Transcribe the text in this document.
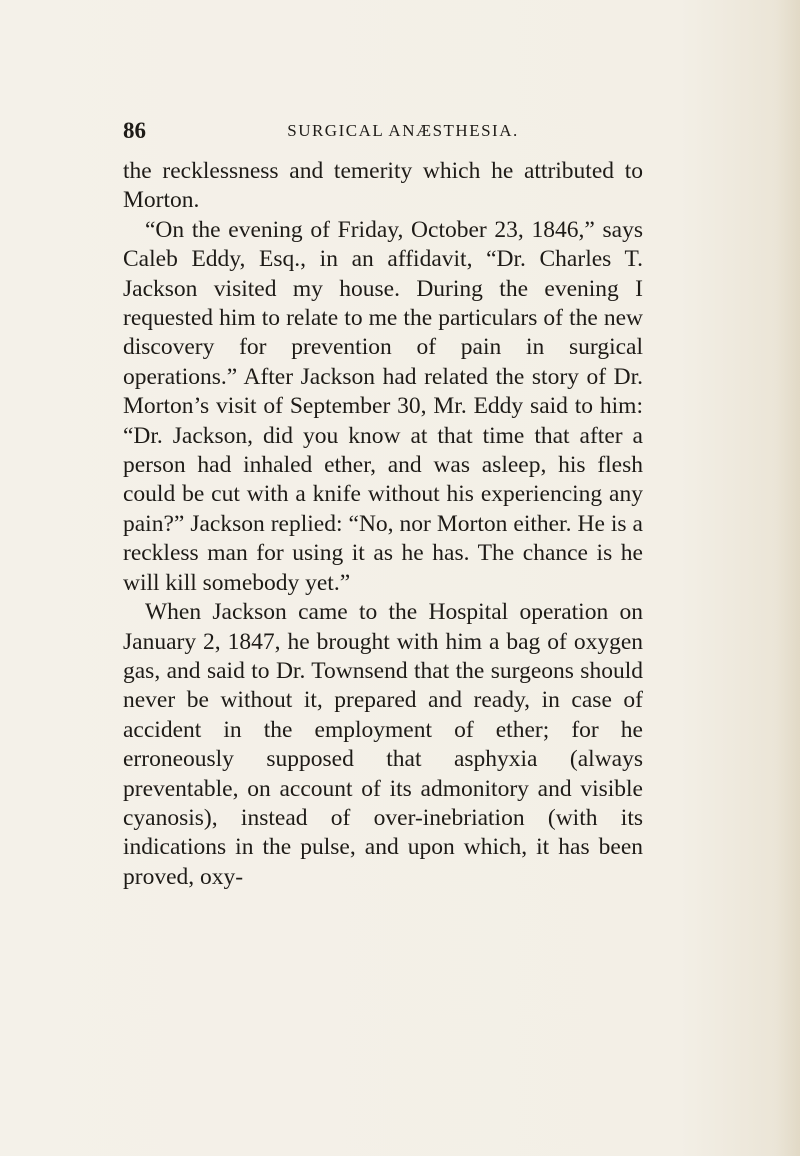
86	SURGICAL ANÆSTHESIA.

the recklessness and temerity which he attributed to Morton.

“On the evening of Friday, October 23, 1846,” says Caleb Eddy, Esq., in an affidavit, “Dr. Charles T. Jackson visited my house. During the evening I requested him to relate to me the particulars of the new discovery for prevention of pain in surgical operations.” After Jackson had related the story of Dr. Morton’s visit of September 30, Mr. Eddy said to him: “Dr. Jackson, did you know at that time that after a person had inhaled ether, and was asleep, his flesh could be cut with a knife without his experiencing any pain?” Jackson replied: “No, nor Morton either. He is a reckless man for using it as he has. The chance is he will kill somebody yet.”

When Jackson came to the Hospital operation on January 2, 1847, he brought with him a bag of oxygen gas, and said to Dr. Townsend that the surgeons should never be without it, prepared and ready, in case of accident in the employment of ether; for he erroneously supposed that asphyxia (always preventable, on account of its admonitory and visible cyanosis), instead of over-inebriation (with its indications in the pulse, and upon which, it has been proved, oxy-
